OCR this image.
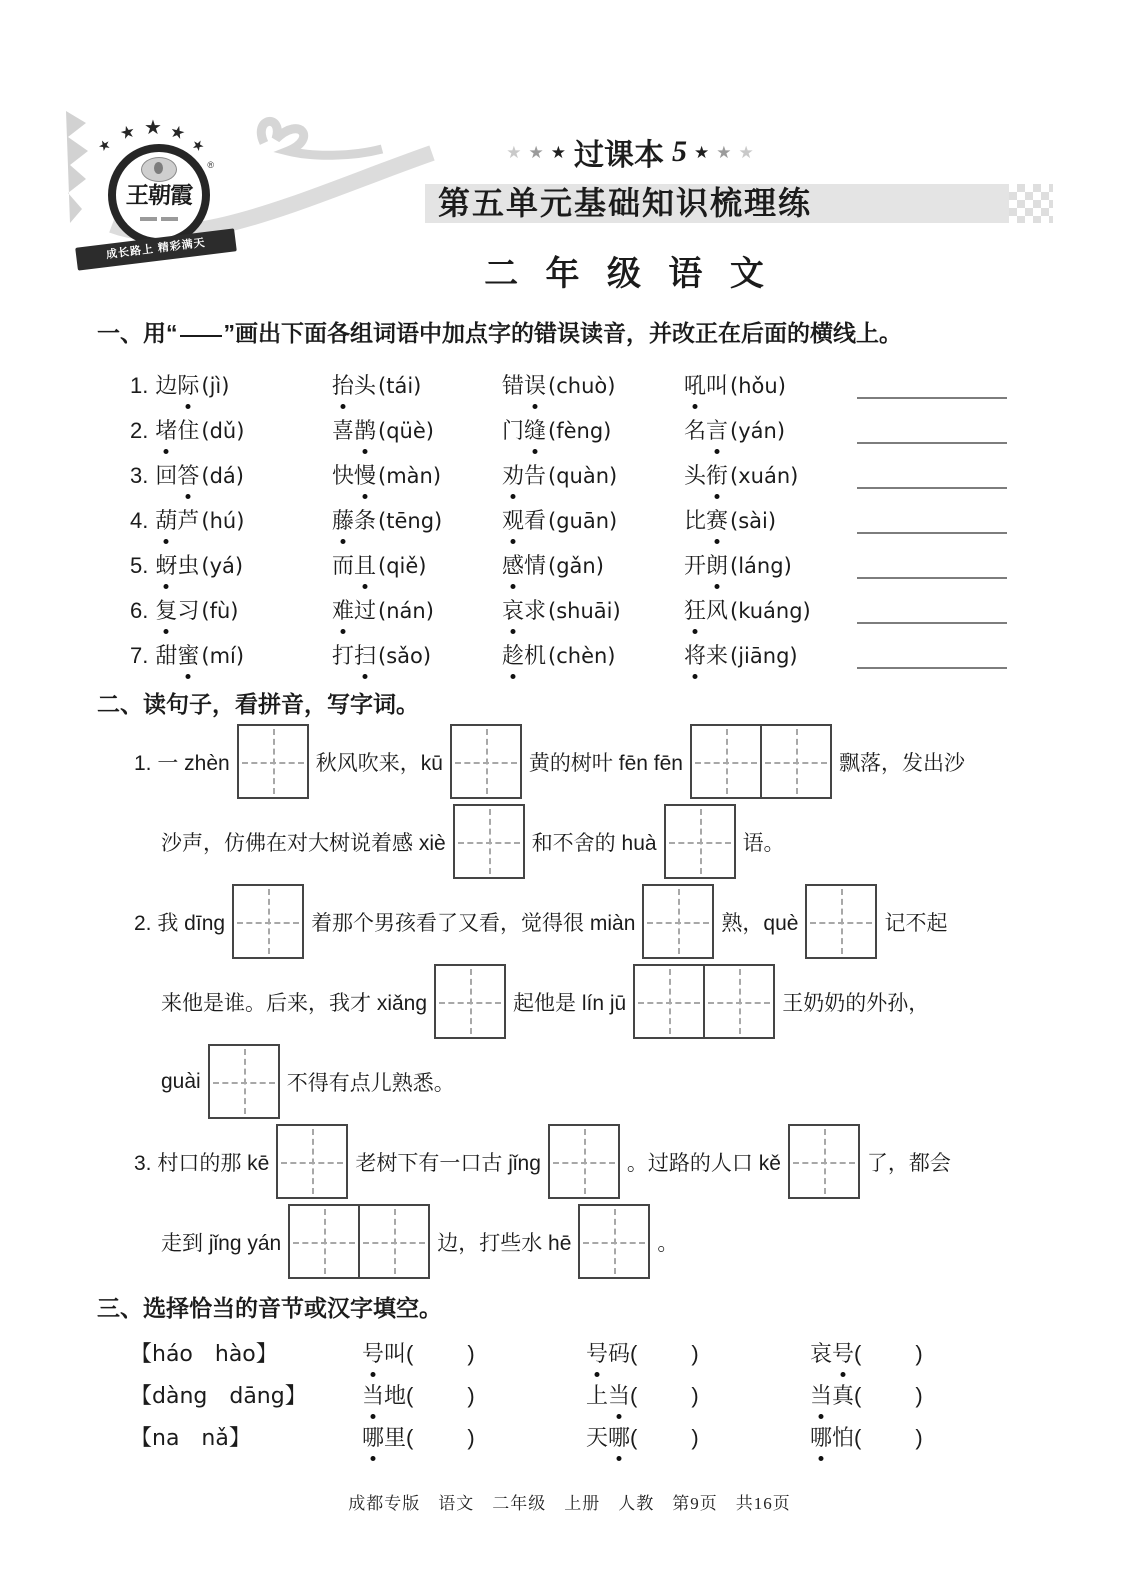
★
★ ★ ★
★
王朝霞
®
成长路上 精彩满天
★ ★ ★ 过课本 5 ★ ★ ★
第五单元基础知识梳理练
二 年 级 语 文
一、用“ ”画出下面各组词语中加点字的错误读音，并改正在后面的横线上。
1. 边际(jì)	抬头(tái)	错误(chuò)	吼叫(hǒu)
2. 堵住(dǔ)	喜鹊(qüè)	门缝(fèng)	名言(yán)
3. 回答(dá)	快慢(màn)	劝告(quàn)	头衔(xuán)
4. 葫芦(hú)	藤条(tēng)	观看(guān)	比赛(sài)
5. 蚜虫(yá)	而且(qiě)	感情(gǎn)	开朗(láng)
6. 复习(fù)	难过(nán)	哀求(shuāi)	狂风(kuáng)
7. 甜蜜(mí)	打扫(sǎo)	趁机(chèn)	将来(jiāng)
二、读句子，看拼音，写字词。
1. 一 zhèn	秋风吹来，kū	黄的树叶 fēn fēn	飘落，发出沙
沙声，仿佛在对大树说着感 xiè	和不舍的 huà	语。
2. 我 dīng	着那个男孩看了又看，觉得很 miàn	熟，què	记不起
来他是谁。后来，我才 xiǎng	起他是 lín jū	王奶奶的外孙，
guài	不得有点儿熟悉。
3. 村口的那 kē	老树下有一口古 jǐng	。过路的人口 kě	了，都会
走到 jǐng yán	边，打些水 hē	。
三、选择恰当的音节或汉字填空。
【háo　hào】	号叫( )	号码( )	哀号( )
【dàng　dāng】	当地( )	上当( )	当真( )
【na　nǎ】	哪里( )	天哪( )	哪怕( )
成都专版　语文　二年级　上册　人教　第9页　共16页
